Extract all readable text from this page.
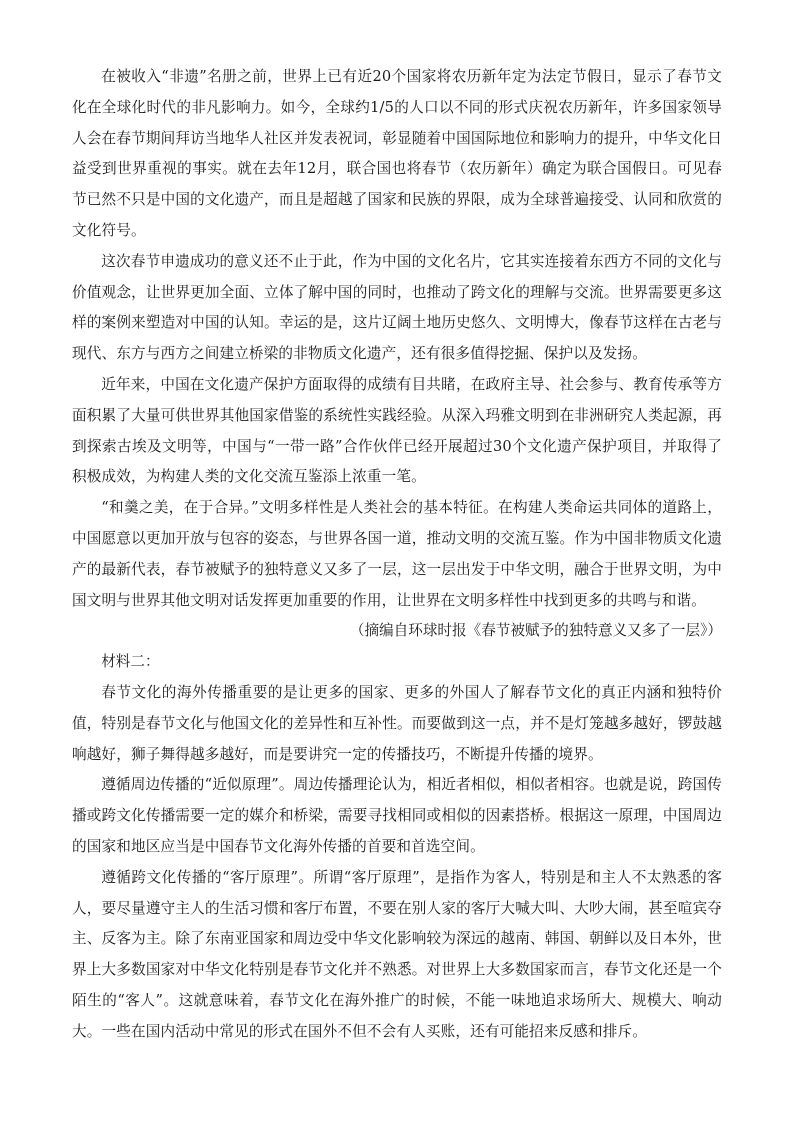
在被收入“非遗”名册之前，世界上已有近20个国家将农历新年定为法定节假日，显示了春节文化在全球化时代的非凡影响力。如今，全球约1/5的人口以不同的形式庆祝农历新年，许多国家领导人会在春节期间拜访当地华人社区并发表祝词，彰显随着中国国际地位和影响力的提升，中华文化日益受到世界重视的事实。就在去年12月，联合国也将春节（农历新年）确定为联合国假日。可见春节已然不只是中国的文化遗产，而且是超越了国家和民族的界限，成为全球普遍接受、认同和欣赏的文化符号。

这次春节申遗成功的意义还不止于此，作为中国的文化名片，它其实连接着东西方不同的文化与价值观念，让世界更加全面、立体了解中国的同时，也推动了跨文化的理解与交流。世界需要更多这样的案例来塑造对中国的认知。幸运的是，这片辽阔土地历史悠久、文明博大，像春节这样在古老与现代、东方与西方之间建立桥梁的非物质文化遗产，还有很多值得挖掘、保护以及发扬。

近年来，中国在文化遗产保护方面取得的成绩有目共睹，在政府主导、社会参与、教育传承等方面积累了大量可供世界其他国家借鉴的系统性实践经验。从深入玛雅文明到在非洲研究人类起源，再到探索古埃及文明等，中国与“一带一路”合作伙伴已经开展超过30个文化遗产保护项目，并取得了积极成效，为构建人类的文化交流互鉴添上浓重一笔。

“和羹之美，在于合异。”文明多样性是人类社会的基本特征。在构建人类命运共同体的道路上，中国愿意以更加开放与包容的姿态，与世界各国一道，推动文明的交流互鉴。作为中国非物质文化遗产的最新代表，春节被赋予的独特意义又多了一层，这一层出发于中华文明，融合于世界文明，为中国文明与世界其他文明对话发挥更加重要的作用，让世界在文明多样性中找到更多的共鸣与和谐。

（摘编自环球时报《春节被赋予的独特意义又多了一层》）

材料二：

春节文化的海外传播重要的是让更多的国家、更多的外国人了解春节文化的真正内涵和独特价值，特别是春节文化与他国文化的差异性和互补性。而要做到这一点，并不是灯笼越多越好，锣鼓越响越好，狮子舞得越多越好，而是要讲究一定的传播技巧，不断提升传播的境界。

遵循周边传播的“近似原理”。周边传播理论认为，相近者相似，相似者相容。也就是说，跨国传播或跨文化传播需要一定的媒介和桥梁，需要寻找相同或相似的因素搭桥。根据这一原理，中国周边的国家和地区应当是中国春节文化海外传播的首要和首选空间。

遵循跨文化传播的“客厅原理”。所谓“客厅原理”，是指作为客人，特别是和主人不太熟悉的客人，要尽量遵守主人的生活习惯和客厅布置，不要在别人家的客厅大喊大叫、大吵大闹，甚至喧宾夺主、反客为主。除了东南亚国家和周边受中华文化影响较为深远的越南、韩国、朝鲜以及日本外，世界上大多数国家对中华文化特别是春节文化并不熟悉。对世界上大多数国家而言，春节文化还是一个陌生的“客人”。这就意味着，春节文化在海外推广的时候，不能一味地追求场所大、规模大、响动大。一些在国内活动中常见的形式在国外不但不会有人买账，还有可能招来反感和排斥。
